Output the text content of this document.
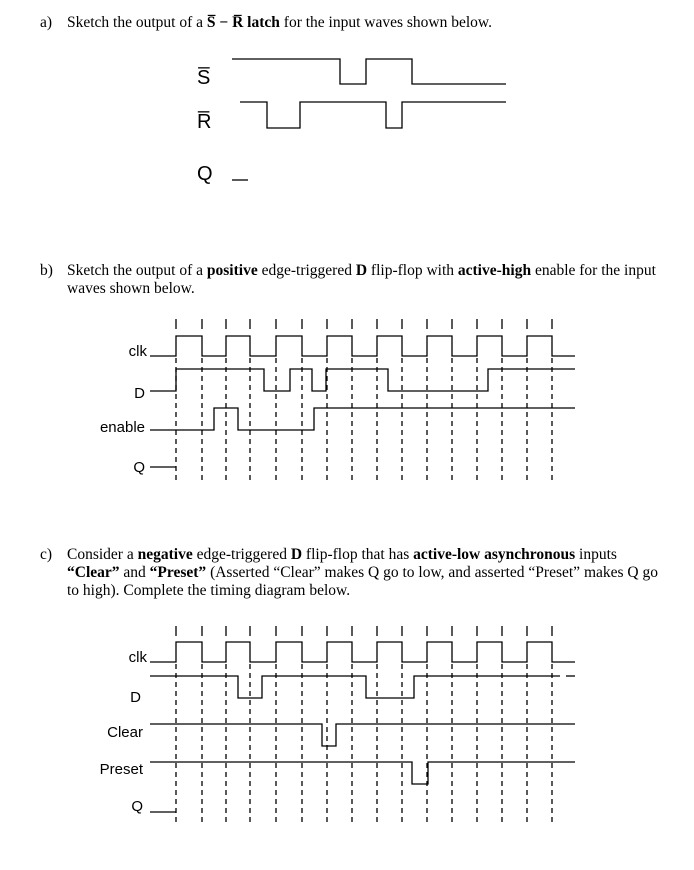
a) Sketch the output of a S̅ − R̅ latch for the input waves shown below.
b) Sketch the output of a positive edge-triggered D flip-flop with active-high enable for the input waves shown below.
c) Consider a negative edge-triggered D flip-flop that has active-low asynchronous inputs “Clear” and “Preset” (Asserted “Clear” makes Q go to low, and asserted “Preset” makes Q go to high). Complete the timing diagram below.
S̅
R̅
Q
clk
D
enable
Q
clk
D
Clear
Preset
Q
